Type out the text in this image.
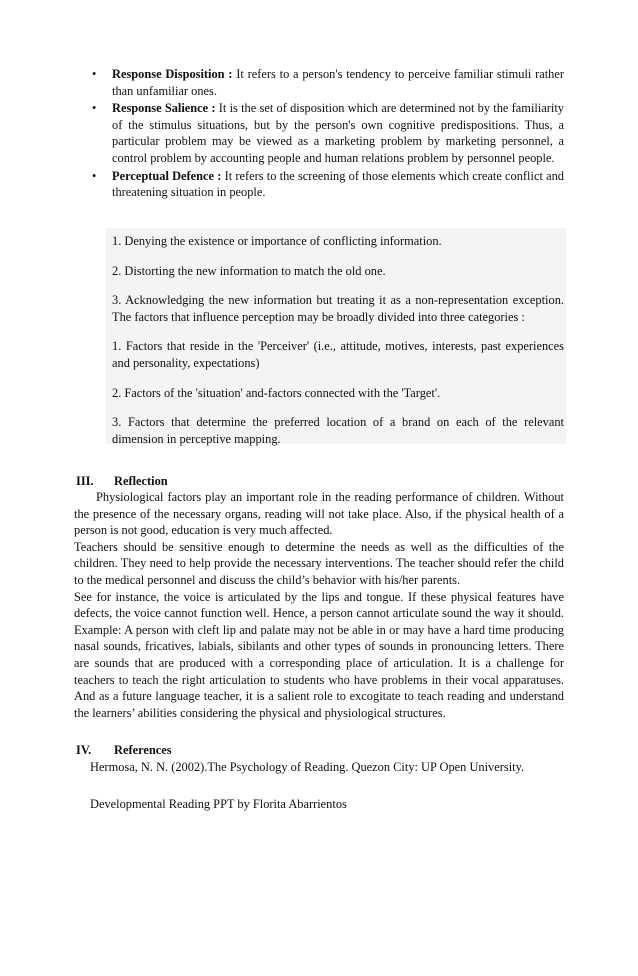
• Response Disposition : It refers to a person's tendency to perceive familiar stimuli rather than unfamiliar ones.
• Response Salience : It is the set of disposition which are determined not by the familiarity of the stimulus situations, but by the person's own cognitive predispositions. Thus, a particular problem may be viewed as a marketing problem by marketing personnel, a control problem by accounting people and human relations problem by personnel people.
• Perceptual Defence : It refers to the screening of those elements which create conflict and threatening situation in people.

1. Denying the existence or importance of conflicting information.

2. Distorting the new information to match the old one.

3. Acknowledging the new information but treating it as a non-representation exception. The factors that influence perception may be broadly divided into three categories :

1. Factors that reside in the 'Perceiver' (i.e., attitude, motives, interests, past experiences and personality, expectations)

2. Factors of the 'situation' and-factors connected with the 'Target'.

3. Factors that determine the preferred location of a brand on each of the relevant dimension in perceptive mapping.

III. Reflection

Physiological factors play an important role in the reading performance of children. Without the presence of the necessary organs, reading will not take place. Also, if the physical health of a person is not good, education is very much affected.

Teachers should be sensitive enough to determine the needs as well as the difficulties of the children. They need to help provide the necessary interventions. The teacher should refer the child to the medical personnel and discuss the child’s behavior with his/her parents.

See for instance, the voice is articulated by the lips and tongue. If these physical features have defects, the voice cannot function well. Hence, a person cannot articulate sound the way it should. Example: A person with cleft lip and palate may not be able in or may have a hard time producing nasal sounds, fricatives, labials, sibilants and other types of sounds in pronouncing letters. There are sounds that are produced with a corresponding place of articulation. It is a challenge for teachers to teach the right articulation to students who have problems in their vocal apparatuses. And as a future language teacher, it is a salient role to excogitate to teach reading and understand the learners’ abilities considering the physical and physiological structures.

IV. References

Hermosa, N. N. (2002).The Psychology of Reading. Quezon City: UP Open University.

Developmental Reading PPT by Florita Abarrientos
